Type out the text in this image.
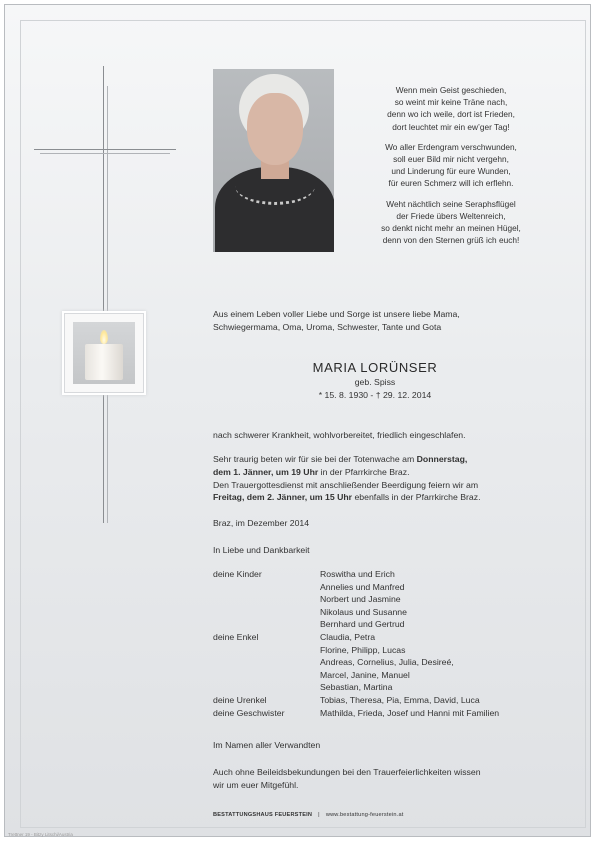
Wenn mein Geist geschieden,
so weint mir keine Träne nach,
denn wo ich weile, dort ist Frieden,
dort leuchtet mir ein ew’ger Tag!
Wo aller Erdengram verschwunden,
soll euer Bild mir nicht vergehn,
und Linderung für eure Wunden,
für euren Schmerz will ich erflehn.
Weht nächtlich seine Seraphsflügel
der Friede übers Weltenreich,
so denkt nicht mehr an meinen Hügel,
denn von den Sternen grüß ich euch!
Aus einem Leben voller Liebe und Sorge ist unsere liebe Mama,
Schwiegermama, Oma, Uroma, Schwester, Tante und Gota
MARIA LORÜNSER
geb. Spiss
* 15. 8. 1930 - † 29. 12. 2014
nach schwerer Krankheit, wohlvorbereitet, friedlich eingeschlafen.
Sehr traurig beten wir für sie bei der Totenwache am Donnerstag,
dem 1. Jänner, um 19 Uhr in der Pfarrkirche Braz.
Den Trauergottesdienst mit anschließender Beerdigung feiern wir am
Freitag, dem 2. Jänner, um 15 Uhr ebenfalls in der Pfarrkirche Braz.
Braz, im Dezember 2014
In Liebe und Dankbarkeit
deine Kinder	Roswitha und Erich
Annelies und Manfred
Norbert und Jasmine
Nikolaus und Susanne
Bernhard und Gertrud
deine Enkel	Claudia, Petra
Florine, Philipp, Lucas
Andreas, Cornelius, Julia, Desireé,
Marcel, Janine, Manuel
Sebastian, Martina
deine Urenkel	Tobias, Theresa, Pia, Emma, David, Luca
deine Geschwister	Mathilda, Frieda, Josef und Hanni mit Familien
Im Namen aller Verwandten
Auch ohne Beileidsbekundungen bei den Trauerfeierlichkeiten wissen
wir um euer Mitgefühl.
BESTATTUNGSHAUS FEUERSTEIN | www.bestattung-feuerstein.at
Trettner 19 - Bitzy Litschi/Austria
